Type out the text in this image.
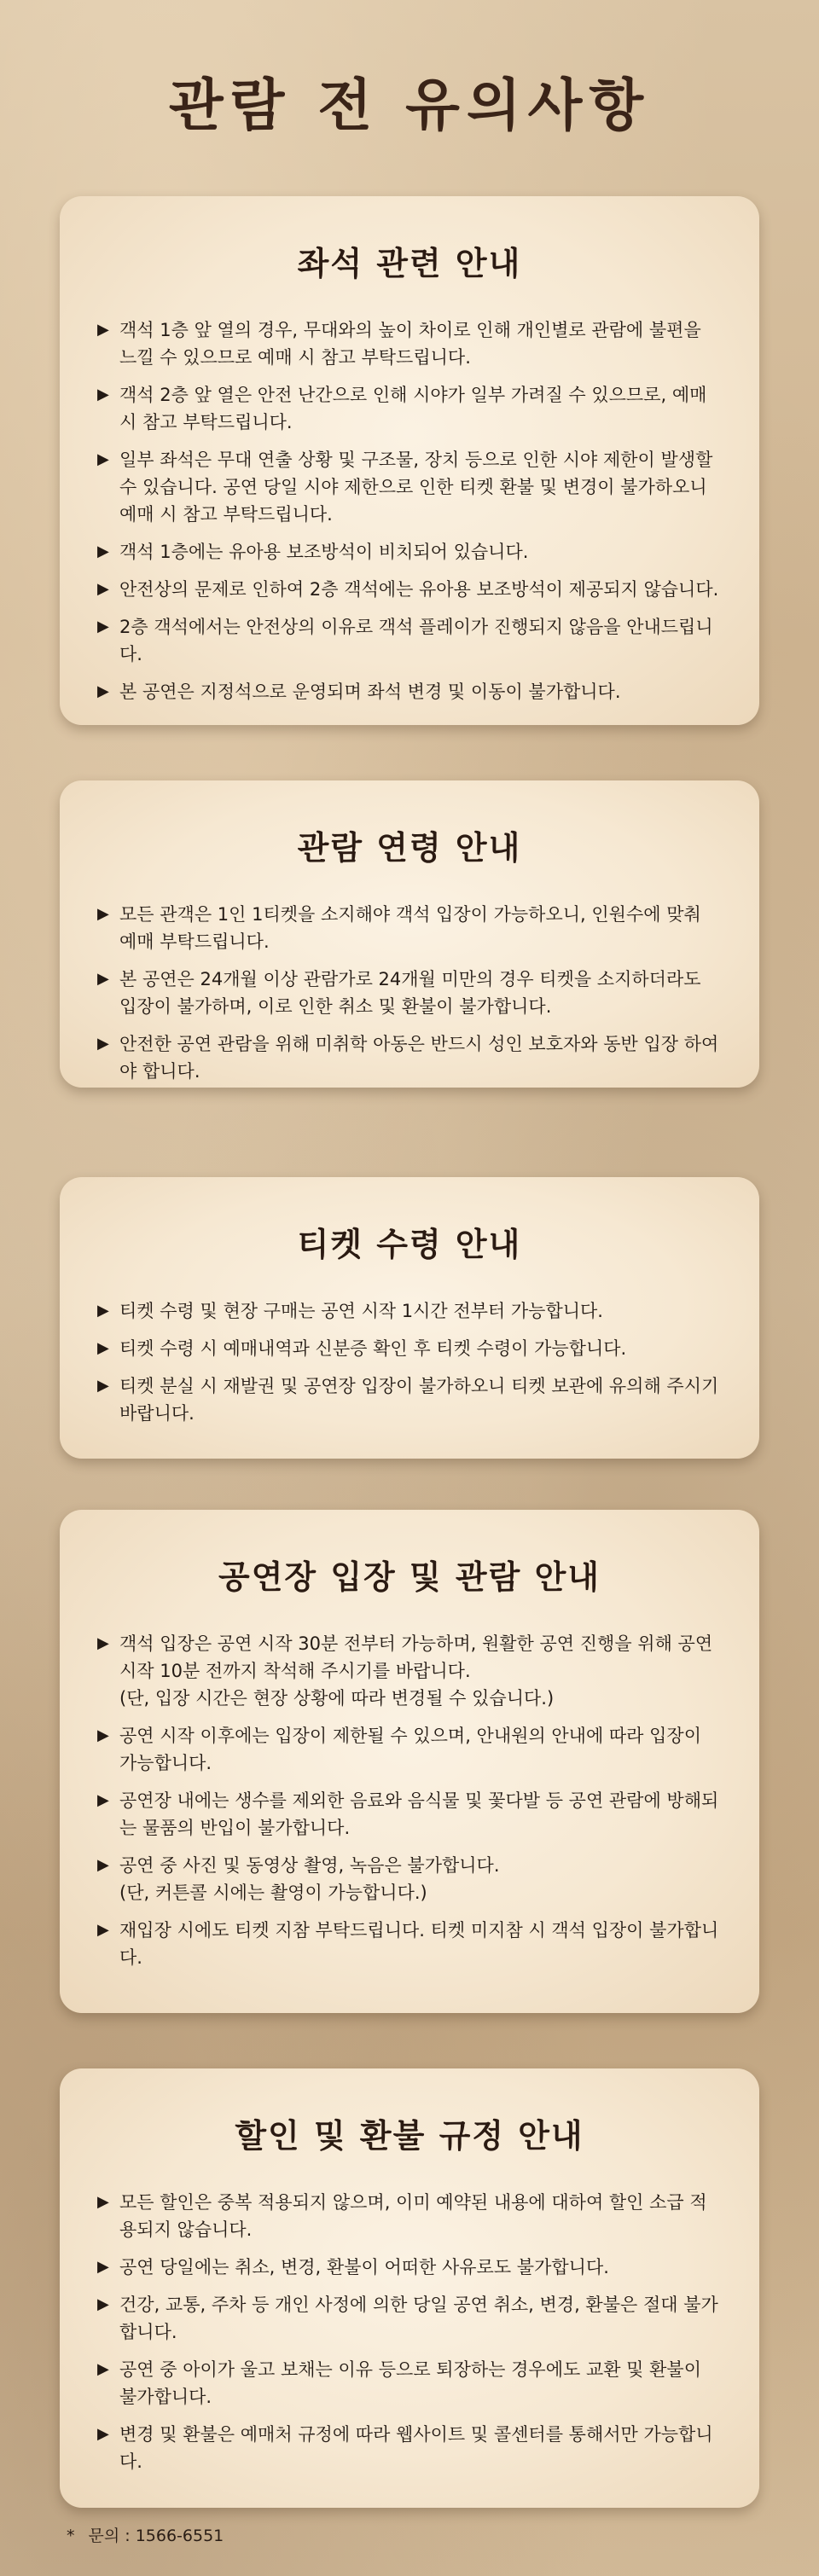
관람 전 유의사항
좌석 관련 안내
▶ 객석 1층 앞 열의 경우, 무대와의 높이 차이로 인해 개인별로 관람에 불편을 느낄 수 있으므로 예매 시 참고 부탁드립니다.
▶ 객석 2층 앞 열은 안전 난간으로 인해 시야가 일부 가려질 수 있으므로, 예매 시 참고 부탁드립니다.
▶ 일부 좌석은 무대 연출 상황 및 구조물, 장치 등으로 인한 시야 제한이 발생할 수 있습니다. 공연 당일 시야 제한으로 인한 티켓 환불 및 변경이 불가하오니 예매 시 참고 부탁드립니다.
▶ 객석 1층에는 유아용 보조방석이 비치되어 있습니다.
▶ 안전상의 문제로 인하여 2층 객석에는 유아용 보조방석이 제공되지 않습니다.
▶ 2층 객석에서는 안전상의 이유로 객석 플레이가 진행되지 않음을 안내드립니다.
▶ 본 공연은 지정석으로 운영되며 좌석 변경 및 이동이 불가합니다.
관람 연령 안내
▶ 모든 관객은 1인 1티켓을 소지해야 객석 입장이 가능하오니, 인원수에 맞춰 예매 부탁드립니다.
▶ 본 공연은 24개월 이상 관람가로 24개월 미만의 경우 티켓을 소지하더라도 입장이 불가하며, 이로 인한 취소 및 환불이 불가합니다.
▶ 안전한 공연 관람을 위해 미취학 아동은 반드시 성인 보호자와 동반 입장 하여야 합니다.
티켓 수령 안내
▶ 티켓 수령 및 현장 구매는 공연 시작 1시간 전부터 가능합니다.
▶ 티켓 수령 시 예매내역과 신분증 확인 후 티켓 수령이 가능합니다.
▶ 티켓 분실 시 재발권 및 공연장 입장이 불가하오니 티켓 보관에 유의해 주시기 바랍니다.
공연장 입장 및 관람 안내
▶ 객석 입장은 공연 시작 30분 전부터 가능하며, 원활한 공연 진행을 위해 공연 시작 10분 전까지 착석해 주시기를 바랍니다.
(단, 입장 시간은 현장 상황에 따라 변경될 수 있습니다.)
▶ 공연 시작 이후에는 입장이 제한될 수 있으며, 안내원의 안내에 따라 입장이 가능합니다.
▶ 공연장 내에는 생수를 제외한 음료와 음식물 및 꽃다발 등 공연 관람에 방해되는 물품의 반입이 불가합니다.
▶ 공연 중 사진 및 동영상 촬영, 녹음은 불가합니다.
(단, 커튼콜 시에는 촬영이 가능합니다.)
▶ 재입장 시에도 티켓 지참 부탁드립니다. 티켓 미지참 시 객석 입장이 불가합니다.
할인 및 환불 규정 안내
▶ 모든 할인은 중복 적용되지 않으며, 이미 예약된 내용에 대하여 할인 소급 적용되지 않습니다.
▶ 공연 당일에는 취소, 변경, 환불이 어떠한 사유로도 불가합니다.
▶ 건강, 교통, 주차 등 개인 사정에 의한 당일 공연 취소, 변경, 환불은 절대 불가합니다.
▶ 공연 중 아이가 울고 보채는 이유 등으로 퇴장하는 경우에도 교환 및 환불이 불가합니다.
▶ 변경 및 환불은 예매처 규정에 따라 웹사이트 및 콜센터를 통해서만 가능합니다.
* 문의 : 1566-6551
